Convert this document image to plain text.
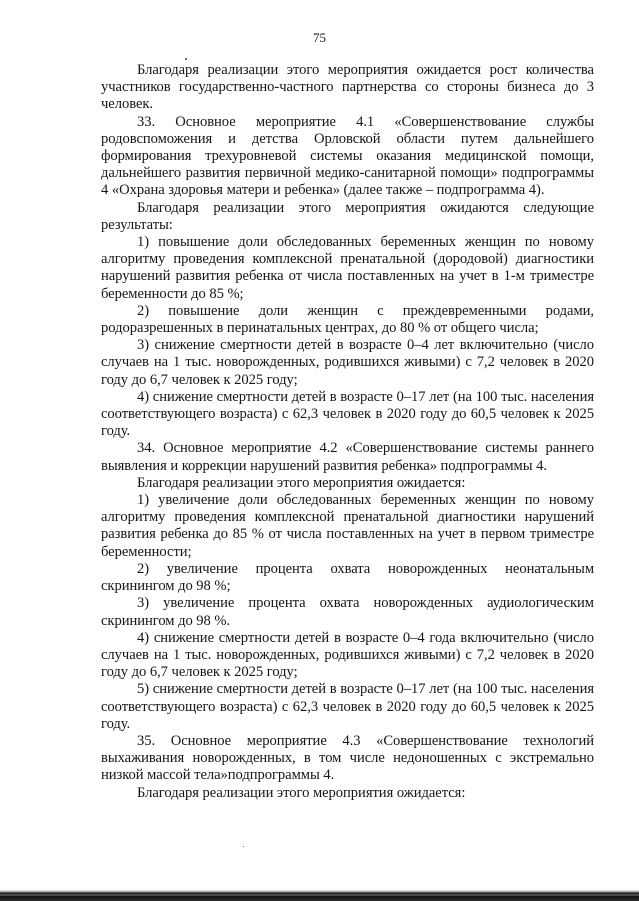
75

Благодаря реализации этого мероприятия ожидается рост количества участников государственно-частного партнерства со стороны бизнеса до 3 человек.

33. Основное мероприятие 4.1 «Совершенствование службы родовспоможения и детства Орловской области путем дальнейшего формирования трехуровневой системы оказания медицинской помощи, дальнейшего развития первичной медико-санитарной помощи» подпрограммы 4 «Охрана здоровья матери и ребенка» (далее также – подпрограмма 4).

Благодаря реализации этого мероприятия ожидаются следующие результаты:

1) повышение доли обследованных беременных женщин по новому алгоритму проведения комплексной пренатальной (дородовой) диагностики нарушений развития ребенка от числа поставленных на учет в 1-м триместре беременности до 85 %;

2) повышение доли женщин с преждевременными родами, родоразрешенных в перинатальных центрах, до 80 % от общего числа;

3) снижение смертности детей в возрасте 0–4 лет включительно (число случаев на 1 тыс. новорожденных, родившихся живыми) с 7,2 человек в 2020 году до 6,7 человек к 2025 году;

4) снижение смертности детей в возрасте 0–17 лет (на 100 тыс. населения соответствующего возраста) с 62,3 человек в 2020 году до 60,5 человек к 2025 году.

34. Основное мероприятие 4.2 «Совершенствование системы раннего выявления и коррекции нарушений развития ребенка» подпрограммы 4.

Благодаря реализации этого мероприятия ожидается:

1) увеличение доли обследованных беременных женщин по новому алгоритму проведения комплексной пренатальной диагностики нарушений развития ребенка до 85 % от числа поставленных на учет в первом триместре беременности;

2) увеличение процента охвата новорожденных неонатальным скринингом до 98 %;

3) увеличение процента охвата новорожденных аудиологическим скринингом до 98 %.

4) снижение смертности детей в возрасте 0–4 года включительно (число случаев на 1 тыс. новорожденных, родившихся живыми) с 7,2 человек в 2020 году до 6,7 человек к 2025 году;

5) снижение смертности детей в возрасте 0–17 лет (на 100 тыс. населения соответствующего возраста) с 62,3 человек в 2020 году до 60,5 человек к 2025 году.

35. Основное мероприятие 4.3 «Совершенствование технологий выхаживания новорожденных, в том числе недоношенных с экстремально низкой массой тела»подпрограммы 4.

Благодаря реализации этого мероприятия ожидается:
